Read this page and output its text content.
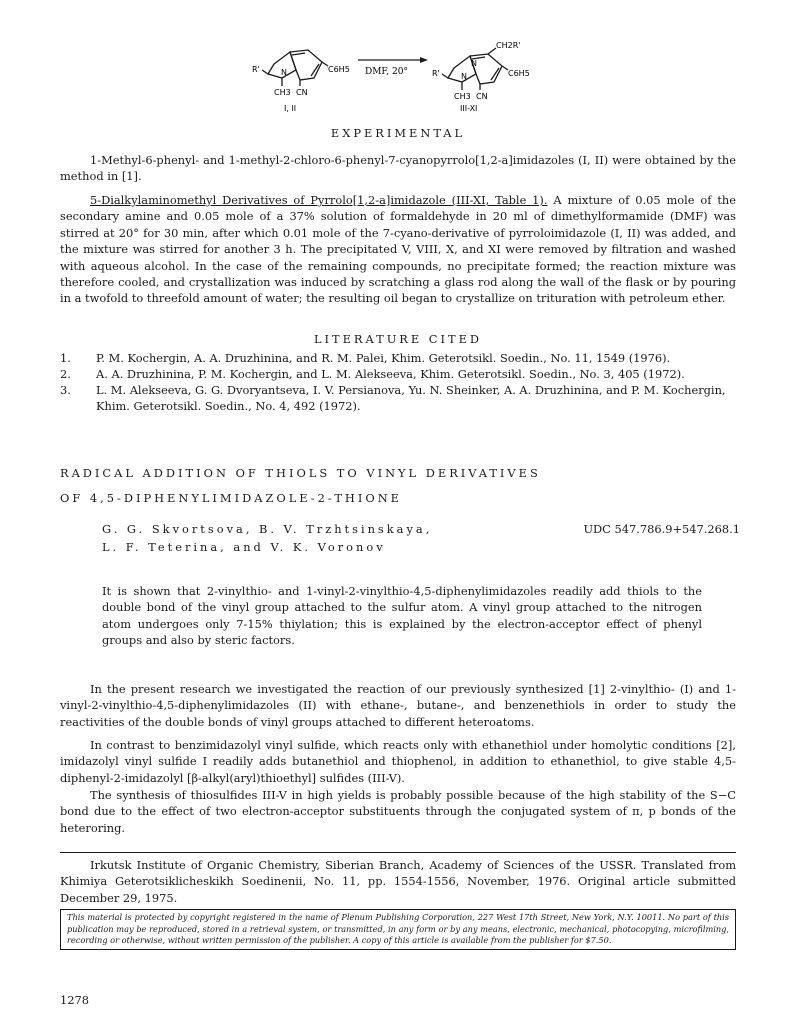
R'	N
CH3 CN
C6H5
I, II
DMF, 20°	R'	N
N
CH3 CN
C6H5
CH2R'
III-XI
EXPERIMENTAL
1-Methyl-6-phenyl- and 1-methyl-2-chloro-6-phenyl-7-cyanopyrrolo[1,2-a]imidazoles (I, II) were obtained by the method in [1].
5-Dialkylaminomethyl Derivatives of Pyrrolo[1,2-a]imidazole (III-XI, Table 1). A mixture of 0.05 mole of the secondary amine and 0.05 mole of a 37% solution of formaldehyde in 20 ml of dimethylformamide (DMF) was stirred at 20° for 30 min, after which 0.01 mole of the 7-cyano-derivative of pyrroloimidazole (I, II) was added, and the mixture was stirred for another 3 h. The precipitated V, VIII, X, and XI were removed by filtration and washed with aqueous alcohol. In the case of the remaining compounds, no precipitate formed; the reaction mixture was therefore cooled, and crystallization was induced by scratching a glass rod along the wall of the flask or by pouring in a twofold to threefold amount of water; the resulting oil began to crystallize on trituration with petroleum ether.
LITERATURE CITED
1.	P. M. Kochergin, A. A. Druzhinina, and R. M. Palei, Khim. Geterotsikl. Soedin., No. 11, 1549 (1976).
2.	A. A. Druzhinina, P. M. Kochergin, and L. M. Alekseeva, Khim. Geterotsikl. Soedin., No. 3, 405 (1972).
3.	L. M. Alekseeva, G. G. Dvoryantseva, I. V. Persianova, Yu. N. Sheinker, A. A. Druzhinina, and P. M. Kochergin, Khim. Geterotsikl. Soedin., No. 4, 492 (1972).
RADICAL ADDITION OF THIOLS TO VINYL DERIVATIVES
OF 4,5-DIPHENYLIMIDAZOLE-2-THIONE
G. G. Skvortsova, B. V. Trzhtsinskaya,
L. F. Teterina, and V. K. Voronov
UDC 547.786.9+547.268.1
It is shown that 2-vinylthio- and 1-vinyl-2-vinylthio-4,5-diphenylimidazoles readily add thiols to the double bond of the vinyl group attached to the sulfur atom. A vinyl group attached to the nitrogen atom undergoes only 7-15% thiylation; this is explained by the electron-acceptor effect of phenyl groups and also by steric factors.
In the present research we investigated the reaction of our previously synthesized [1] 2-vinylthio- (I) and 1-vinyl-2-vinylthio-4,5-diphenylimidazoles (II) with ethane-, butane-, and benzenethiols in order to study the reactivities of the double bonds of vinyl groups attached to different heteroatoms.
In contrast to benzimidazolyl vinyl sulfide, which reacts only with ethanethiol under homolytic conditions [2], imidazolyl vinyl sulfide I readily adds butanethiol and thiophenol, in addition to ethanethiol, to give stable 4,5-diphenyl-2-imidazolyl [β-alkyl(aryl)thioethyl] sulfides (III-V).
The synthesis of thiosulfides III-V in high yields is probably possible because of the high stability of the S−C bond due to the effect of two electron-acceptor substituents through the conjugated system of π, p bonds of the heteroring.
Irkutsk Institute of Organic Chemistry, Siberian Branch, Academy of Sciences of the USSR. Translated from Khimiya Geterotsiklicheskikh Soedinenii, No. 11, pp. 1554-1556, November, 1976. Original article submitted December 29, 1975.
This material is protected by copyright registered in the name of Plenum Publishing Corporation, 227 West 17th Street, New York, N.Y. 10011. No part of this publication may be reproduced, stored in a retrieval system, or transmitted, in any form or by any means, electronic, mechanical, photocopying, microfilming, recording or otherwise, without written permission of the publisher. A copy of this article is available from the publisher for $7.50.
1278
